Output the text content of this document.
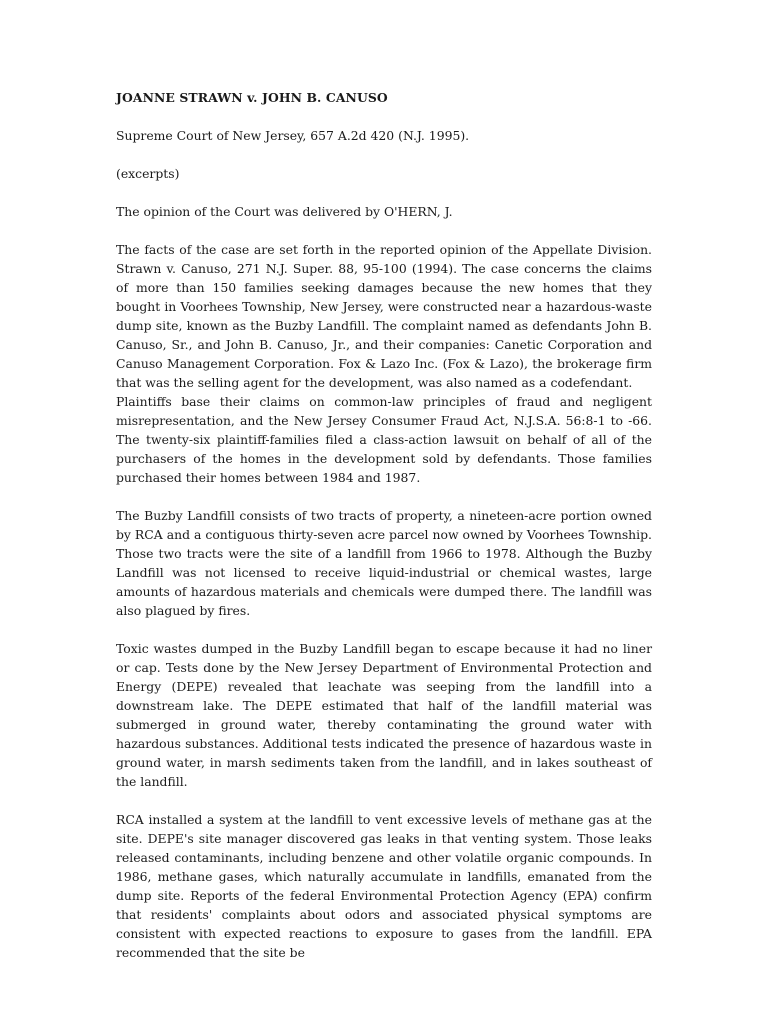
JOANNE STRAWN v. JOHN B. CANUSO

Supreme Court of New Jersey, 657 A.2d 420 (N.J. 1995).

(excerpts)

The opinion of the Court was delivered by O'HERN, J.

The facts of the case are set forth in the reported opinion of the Appellate Division. Strawn v. Canuso, 271 N.J. Super. 88, 95-100 (1994). The case concerns the claims of more than 150 families seeking damages because the new homes that they bought in Voorhees Township, New Jersey, were constructed near a hazardous-waste dump site, known as the Buzby Landfill. The complaint named as defendants John B. Canuso, Sr., and John B. Canuso, Jr., and their companies: Canetic Corporation and Canuso Management Corporation. Fox & Lazo Inc. (Fox & Lazo), the brokerage firm that was the selling agent for the development, was also named as a codefendant.

Plaintiffs base their claims on common-law principles of fraud and negligent misrepresentation, and the New Jersey Consumer Fraud Act, N.J.S.A. 56:8-1 to -66. The twenty-six plaintiff-families filed a class-action lawsuit on behalf of all of the purchasers of the homes in the development sold by defendants. Those families purchased their homes between 1984 and 1987.

The Buzby Landfill consists of two tracts of property, a nineteen-acre portion owned by RCA and a contiguous thirty-seven acre parcel now owned by Voorhees Township. Those two tracts were the site of a landfill from 1966 to 1978. Although the Buzby Landfill was not licensed to receive liquid-industrial or chemical wastes, large amounts of hazardous materials and chemicals were dumped there. The landfill was also plagued by fires.

Toxic wastes dumped in the Buzby Landfill began to escape because it had no liner or cap. Tests done by the New Jersey Department of Environmental Protection and Energy (DEPE) revealed that leachate was seeping from the landfill into a downstream lake. The DEPE estimated that half of the landfill material was submerged in ground water, thereby contaminating the ground water with hazardous substances. Additional tests indicated the presence of hazardous waste in ground water, in marsh sediments taken from the landfill, and in lakes southeast of the landfill.

RCA installed a system at the landfill to vent excessive levels of methane gas at the site. DEPE's site manager discovered gas leaks in that venting system. Those leaks released contaminants, including benzene and other volatile organic compounds. In 1986, methane gases, which naturally accumulate in landfills, emanated from the dump site. Reports of the federal Environmental Protection Agency (EPA) confirm that residents' complaints about odors and associated physical symptoms are consistent with expected reactions to exposure to gases from the landfill. EPA recommended that the site be
